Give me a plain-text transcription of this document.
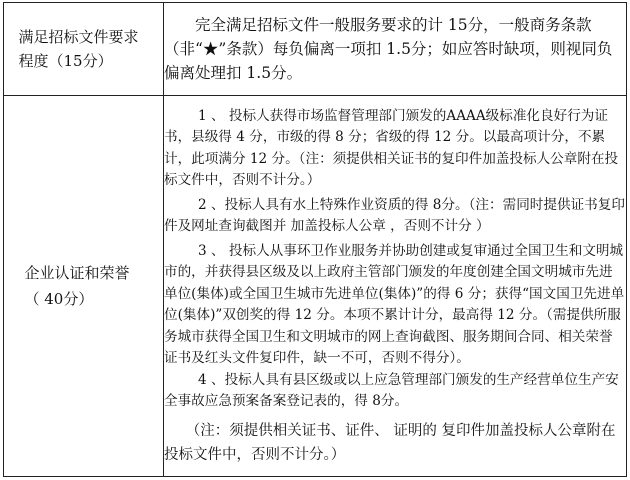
满足招标文件要求程度（15分）	完全满足招标文件一般服务要求的计 15分，一般商务条款（非“★”条款）每负偏离一项扣 1.5分；如应答时缺项，则视同负偏离处理扣 1.5分。

企业认证和荣誉（ 40分）	1 、 投标人获得市场监督管理部门颁发的AAAA级标准化良好行为证书，县级得 4 分，市级的得 8 分；省级的得 12 分。以最高项计分，不累计，此项满分 12 分。（注：须提供相关证书的复印件加盖投标人公章附在投标文件中，否则不计分。）

2 、投标人具有水上特殊作业资质的得 8分。（注：需同时提供证书复印件及网址查询截图并 加盖投标人公章 ，否则不计分 ）

3 、 投标人从事环卫作业服务并协助创建或复审通过全国卫生和文明城市的，并获得县区级及以上政府主管部门颁发的年度创建全国文明城市先进单位(集体)或全国卫生城市先进单位(集体)”的得 6 分；获得“国文国卫先进单位(集体)”双创奖的得 12 分。本项不累计计分，最高得 12 分。（需提供所服务城市获得全国卫生和文明城市的网上查询截图、服务期间合同、相关荣誉证书及红头文件复印件，缺一不可，否则不得分）。

4 、投标人具有县区级或以上应急管理部门颁发的生产经营单位生产安全事故应急预案备案登记表的，得 8分。

（注：须提供相关证书、证件、 证明的 复印件加盖投标人公章附在投标文件中，否则不计分。）
